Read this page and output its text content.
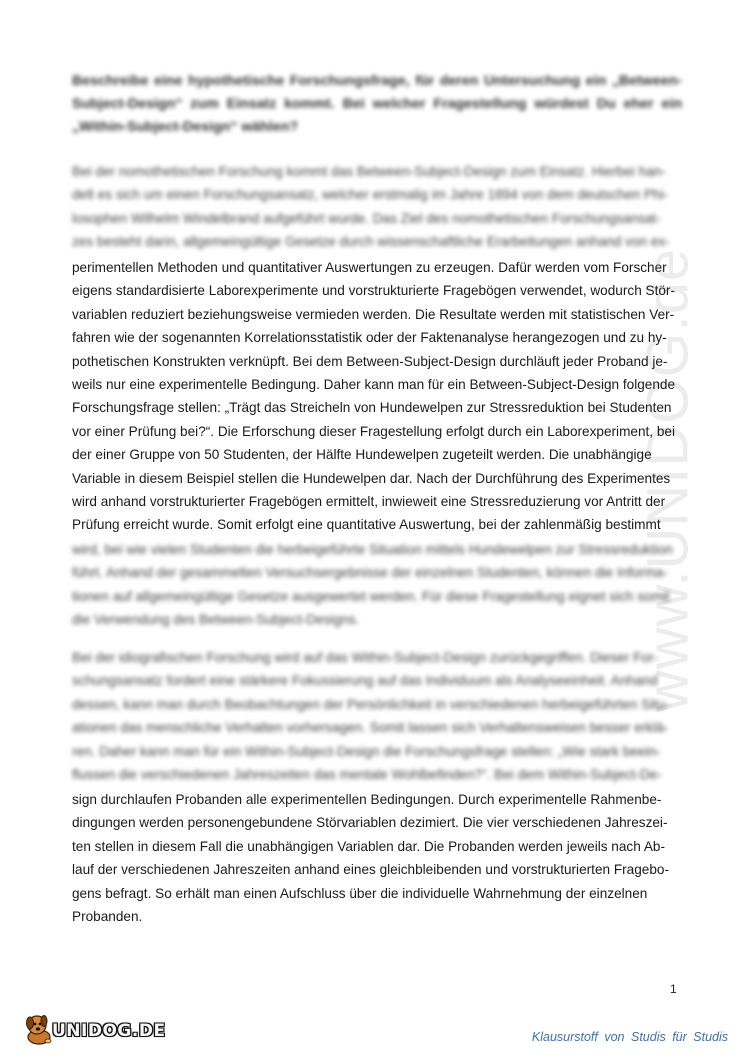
www.UNIDOG.de
Beschreibe eine hypothetische Forschungsfrage, für deren Untersuchung ein „Between-Subject-Design“ zum Einsatz kommt. Bei welcher Fragestellung würdest Du eher ein „Within-Subject-Design“ wählen?
Bei der nomothetischen Forschung kommt das Between-Subject-Design zum Einsatz. Hierbei han-
delt es sich um einen Forschungsansatz, welcher erstmalig im Jahre 1894 von dem deutschen Phi-
losophen Wilhelm Windelbrand aufgeführt wurde. Das Ziel des nomothetischen Forschungsansat-
zes besteht darin, allgemeingültige Gesetze durch wissenschaftliche Erarbeitungen anhand von ex-
perimentellen Methoden und quantitativer Auswertungen zu erzeugen. Dafür werden vom Forscher
eigens standardisierte Laborexperimente und vorstrukturierte Fragebögen verwendet, wodurch Stör-
variablen reduziert beziehungsweise vermieden werden. Die Resultate werden mit statistischen Ver-
fahren wie der sogenannten Korrelationsstatistik oder der Faktenanalyse herangezogen und zu hy-
pothetischen Konstrukten verknüpft. Bei dem Between-Subject-Design durchläuft jeder Proband je-
weils nur eine experimentelle Bedingung. Daher kann man für ein Between-Subject-Design folgende
Forschungsfrage stellen: „Trägt das Streicheln von Hundewelpen zur Stressreduktion bei Studenten
vor einer Prüfung bei?“. Die Erforschung dieser Fragestellung erfolgt durch ein Laborexperiment, bei
der einer Gruppe von 50 Studenten, der Hälfte Hundewelpen zugeteilt werden. Die unabhängige
Variable in diesem Beispiel stellen die Hundewelpen dar. Nach der Durchführung des Experimentes
wird anhand vorstrukturierter Fragebögen ermittelt, inwieweit eine Stressreduzierung vor Antritt der
Prüfung erreicht wurde. Somit erfolgt eine quantitative Auswertung, bei der zahlenmäßig bestimmt
wird, bei wie vielen Studenten die herbeigeführte Situation mittels Hundewelpen zur Stressreduktion
führt. Anhand der gesammelten Versuchsergebnisse der einzelnen Studenten, können die Informa-
tionen auf allgemeingültige Gesetze ausgewertet werden. Für diese Fragestellung eignet sich somit
die Verwendung des Between-Subject-Designs.
Bei der idiografischen Forschung wird auf das Within-Subject-Design zurückgegriffen. Dieser For-
schungsansatz fordert eine stärkere Fokussierung auf das Individuum als Analyseeinheit. Anhand
dessen, kann man durch Beobachtungen der Persönlichkeit in verschiedenen herbeigeführten Situ-
ationen das menschliche Verhalten vorhersagen. Somit lassen sich Verhaltensweisen besser erklä-
ren. Daher kann man für ein Within-Subject-Design die Forschungsfrage stellen: „Wie stark beein-
flussen die verschiedenen Jahreszeiten das mentale Wohlbefinden?“. Bei dem Within-Subject-De-
sign durchlaufen Probanden alle experimentellen Bedingungen. Durch experimentelle Rahmenbe-
dingungen werden personengebundene Störvariablen dezimiert. Die vier verschiedenen Jahreszei-
ten stellen in diesem Fall die unabhängigen Variablen dar. Die Probanden werden jeweils nach Ab-
lauf der verschiedenen Jahreszeiten anhand eines gleichbleibenden und vorstrukturierten Fragebo-
gens befragt. So erhält man einen Aufschluss über die individuelle Wahrnehmung der einzelnen
Probanden.
1
UNIDOG.DE	Klausurstoff von Studis für Studis
